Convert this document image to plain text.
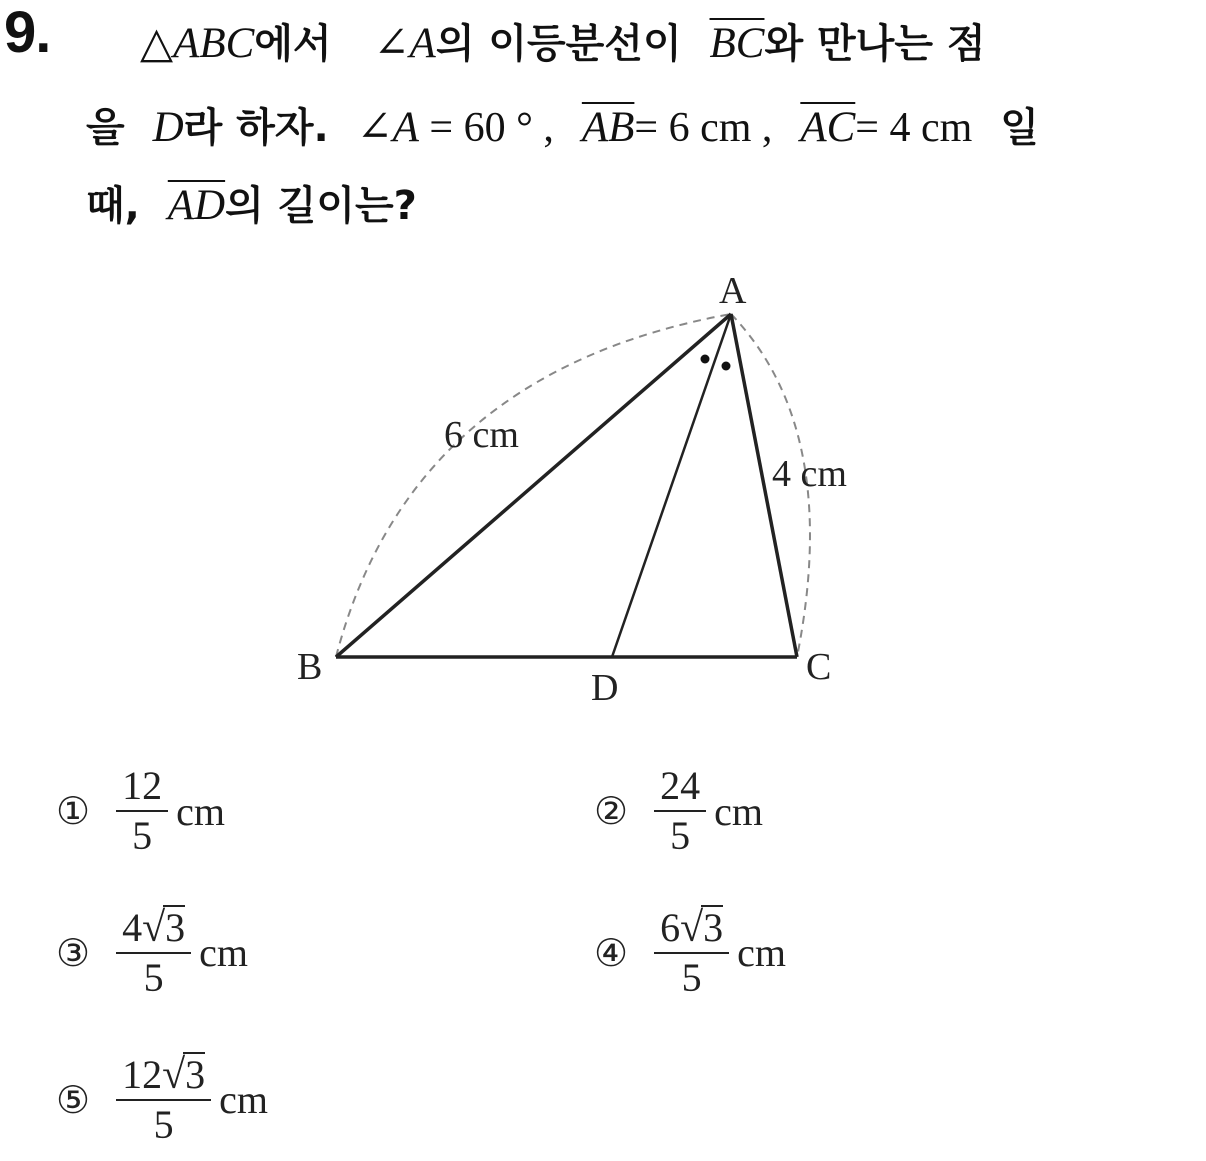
9. △ABC에서 ∠A의 이등분선이 $\overline{BC}$와 만나는 점
을 D라 하자. ∠A = 60 ° , $\overline{AB}= 6$ cm , $\overline{AC}= 4$ cm 일
때, $\overline{AD}$의 길이는?
A
B	C
D
6 cm
4 cm
① $\frac{12}{5}$ cm	② $\frac{24}{5}$ cm
③ $\frac{4 √ 3}{5}$ cm	④ $\frac{6 √ 3}{5}$ cm
⑤ $\frac{12 √ 3}{5}$ cm
